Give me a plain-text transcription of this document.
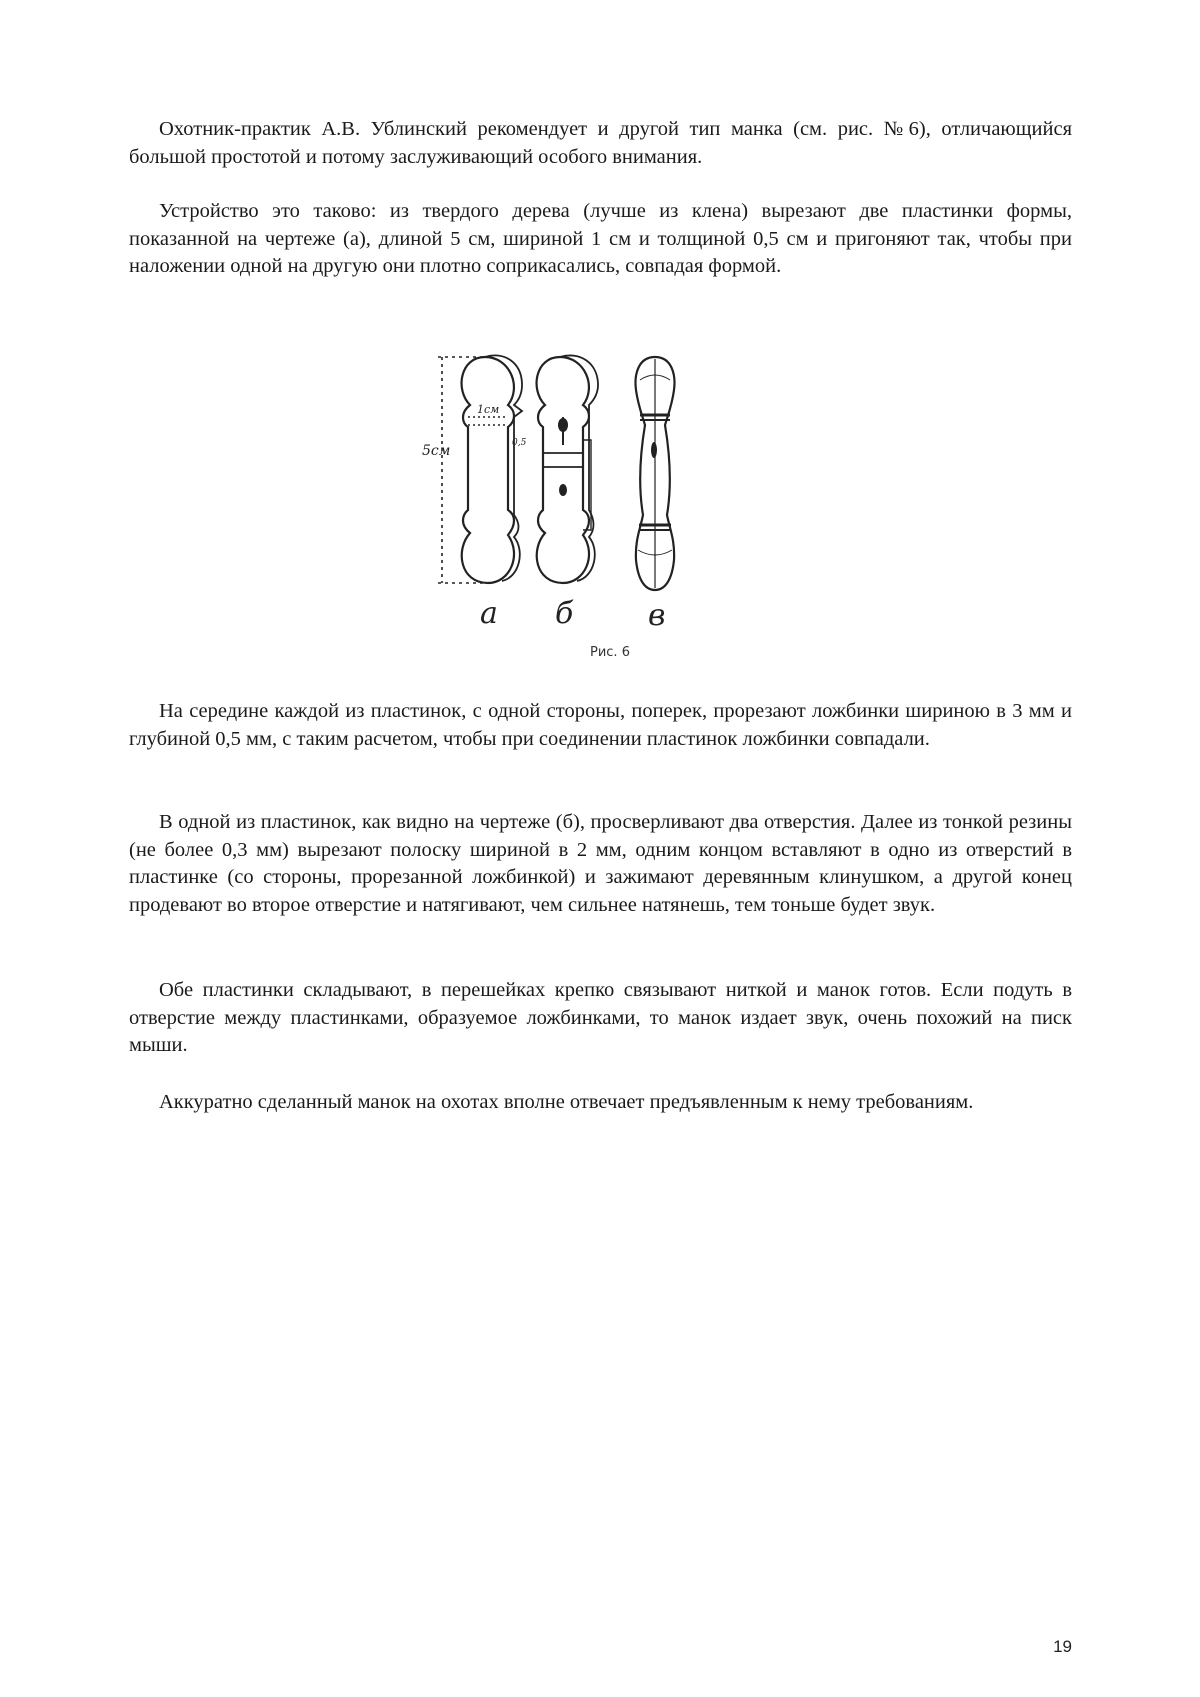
Охотник-практик А.В. Ублинский рекомендует и другой тип манка (см. рис. №6), отличающийся большой простотой и потому заслуживающий особого внимания.

Устройство это таково: из твердого дерева (лучше из клена) вырезают две пластинки формы, показанной на чертеже (а), длиной 5 см, шириной 1 см и толщиной 0,5 см и пригоняют так, чтобы при наложении одной на другую они плотно соприкасались, совпадая формой.

1см
5см	0,5
а б в
Рис. 6

На середине каждой из пластинок, с одной стороны, поперек, прорезают ложбинки шириною в 3 мм и глубиной 0,5 мм, с таким расчетом, чтобы при соединении пластинок ложбинки совпадали.

В одной из пластинок, как видно на чертеже (б), просверливают два отверстия. Далее из тонкой резины (не более 0,3 мм) вырезают полоску шириной в 2 мм, одним концом вставляют в одно из отверстий в пластинке (со стороны, прорезанной ложбинкой) и зажимают деревянным клинушком, а другой конец продевают во второе отверстие и натягивают, чем сильнее натянешь, тем тоньше будет звук.

Обе пластинки складывают, в перешейках крепко связывают ниткой и манок готов. Если подуть в отверстие между пластинками, образуемое ложбинками, то манок издает звук, очень похожий на писк мыши.

Аккуратно сделанный манок на охотах вполне отвечает предъявленным к нему требованиям.

19
